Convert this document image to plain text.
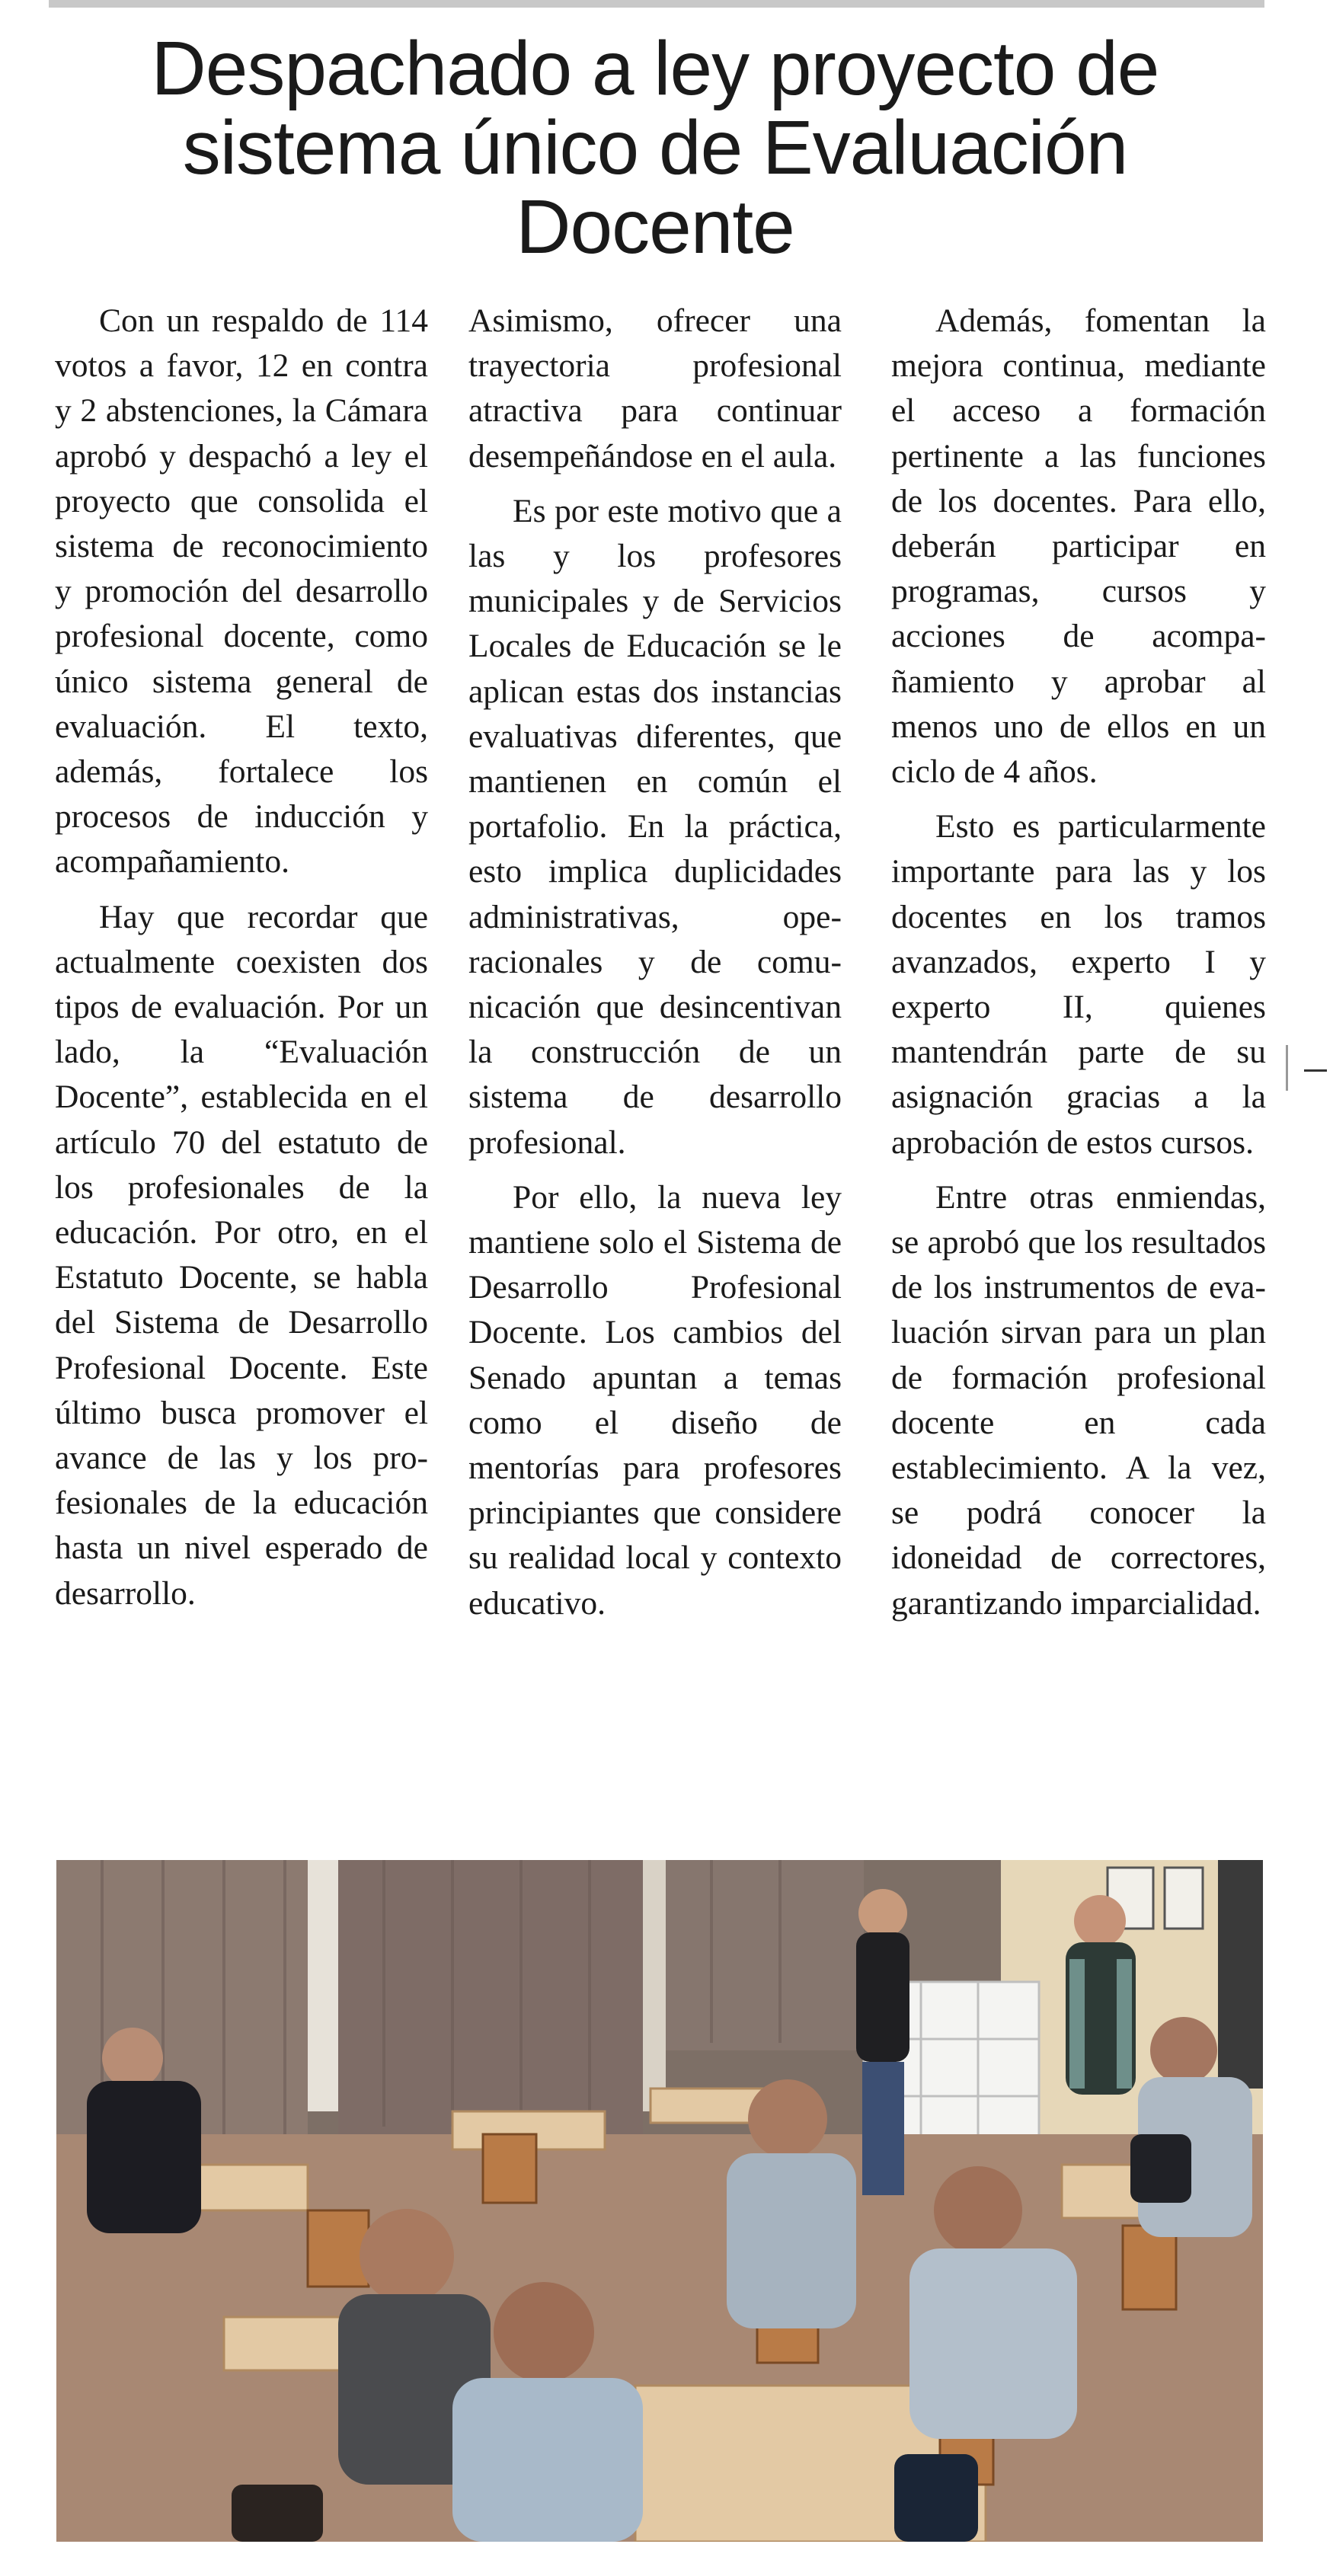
Despachado a ley proyecto de sistema único de Evaluación Docente

Con un respaldo de 114 votos a favor, 12 en contra y 2 abstenciones, la Cámara aprobó y despachó a ley el proyecto que consolida el sistema de reconocimiento y promoción del desarrollo profesional docente, como único sistema general de evaluación. El texto, además, fortalece los procesos de inducción y acompañamiento.

Hay que recordar que actualmente coexisten dos tipos de evaluación. Por un lado, la “Evaluación Docente”, establecida en el artículo 70 del estatuto de los profesionales de la educación. Por otro, en el Estatuto Docente, se habla del Sistema de Desarrollo Profesional Docente. Este último busca promover el avance de las y los profesionales de la educación hasta un nivel esperado de desarrollo.

Asimismo, ofrecer una trayectoria profesional atractiva para continuar desempeñándose en el aula.

Es por este motivo que a las y los profesores municipales y de Servicios Locales de Educación se le aplican estas dos instancias evaluativas diferentes, que mantienen en común el portafolio. En la práctica, esto implica duplicidades administrativas, operacionales y de comunicación que desincentivan la construcción de un sistema de desarrollo profesional.

Por ello, la nueva ley mantiene solo el Sistema de Desarrollo Profesional Docente. Los cambios del Senado apuntan a temas como el diseño de mentorías para profesores principiantes que considere su realidad local y contexto educativo.

Además, fomentan la mejora continua, mediante el acceso a formación pertinente a las funciones de los docentes. Para ello, deberán participar en programas, cursos y acciones de acompañamiento y aprobar al menos uno de ellos en un ciclo de 4 años.

Esto es particularmente importante para las y los docentes en los tramos avanzados, experto I y experto II, quienes mantendrán parte de su asignación gracias a la aprobación de estos cursos.

Entre otras enmiendas, se aprobó que los resultados de los instrumentos de evaluación sirvan para un plan de formación profesional docente en cada establecimiento. A la vez, se podrá conocer la idoneidad de correctores, garantizando imparcialidad.
